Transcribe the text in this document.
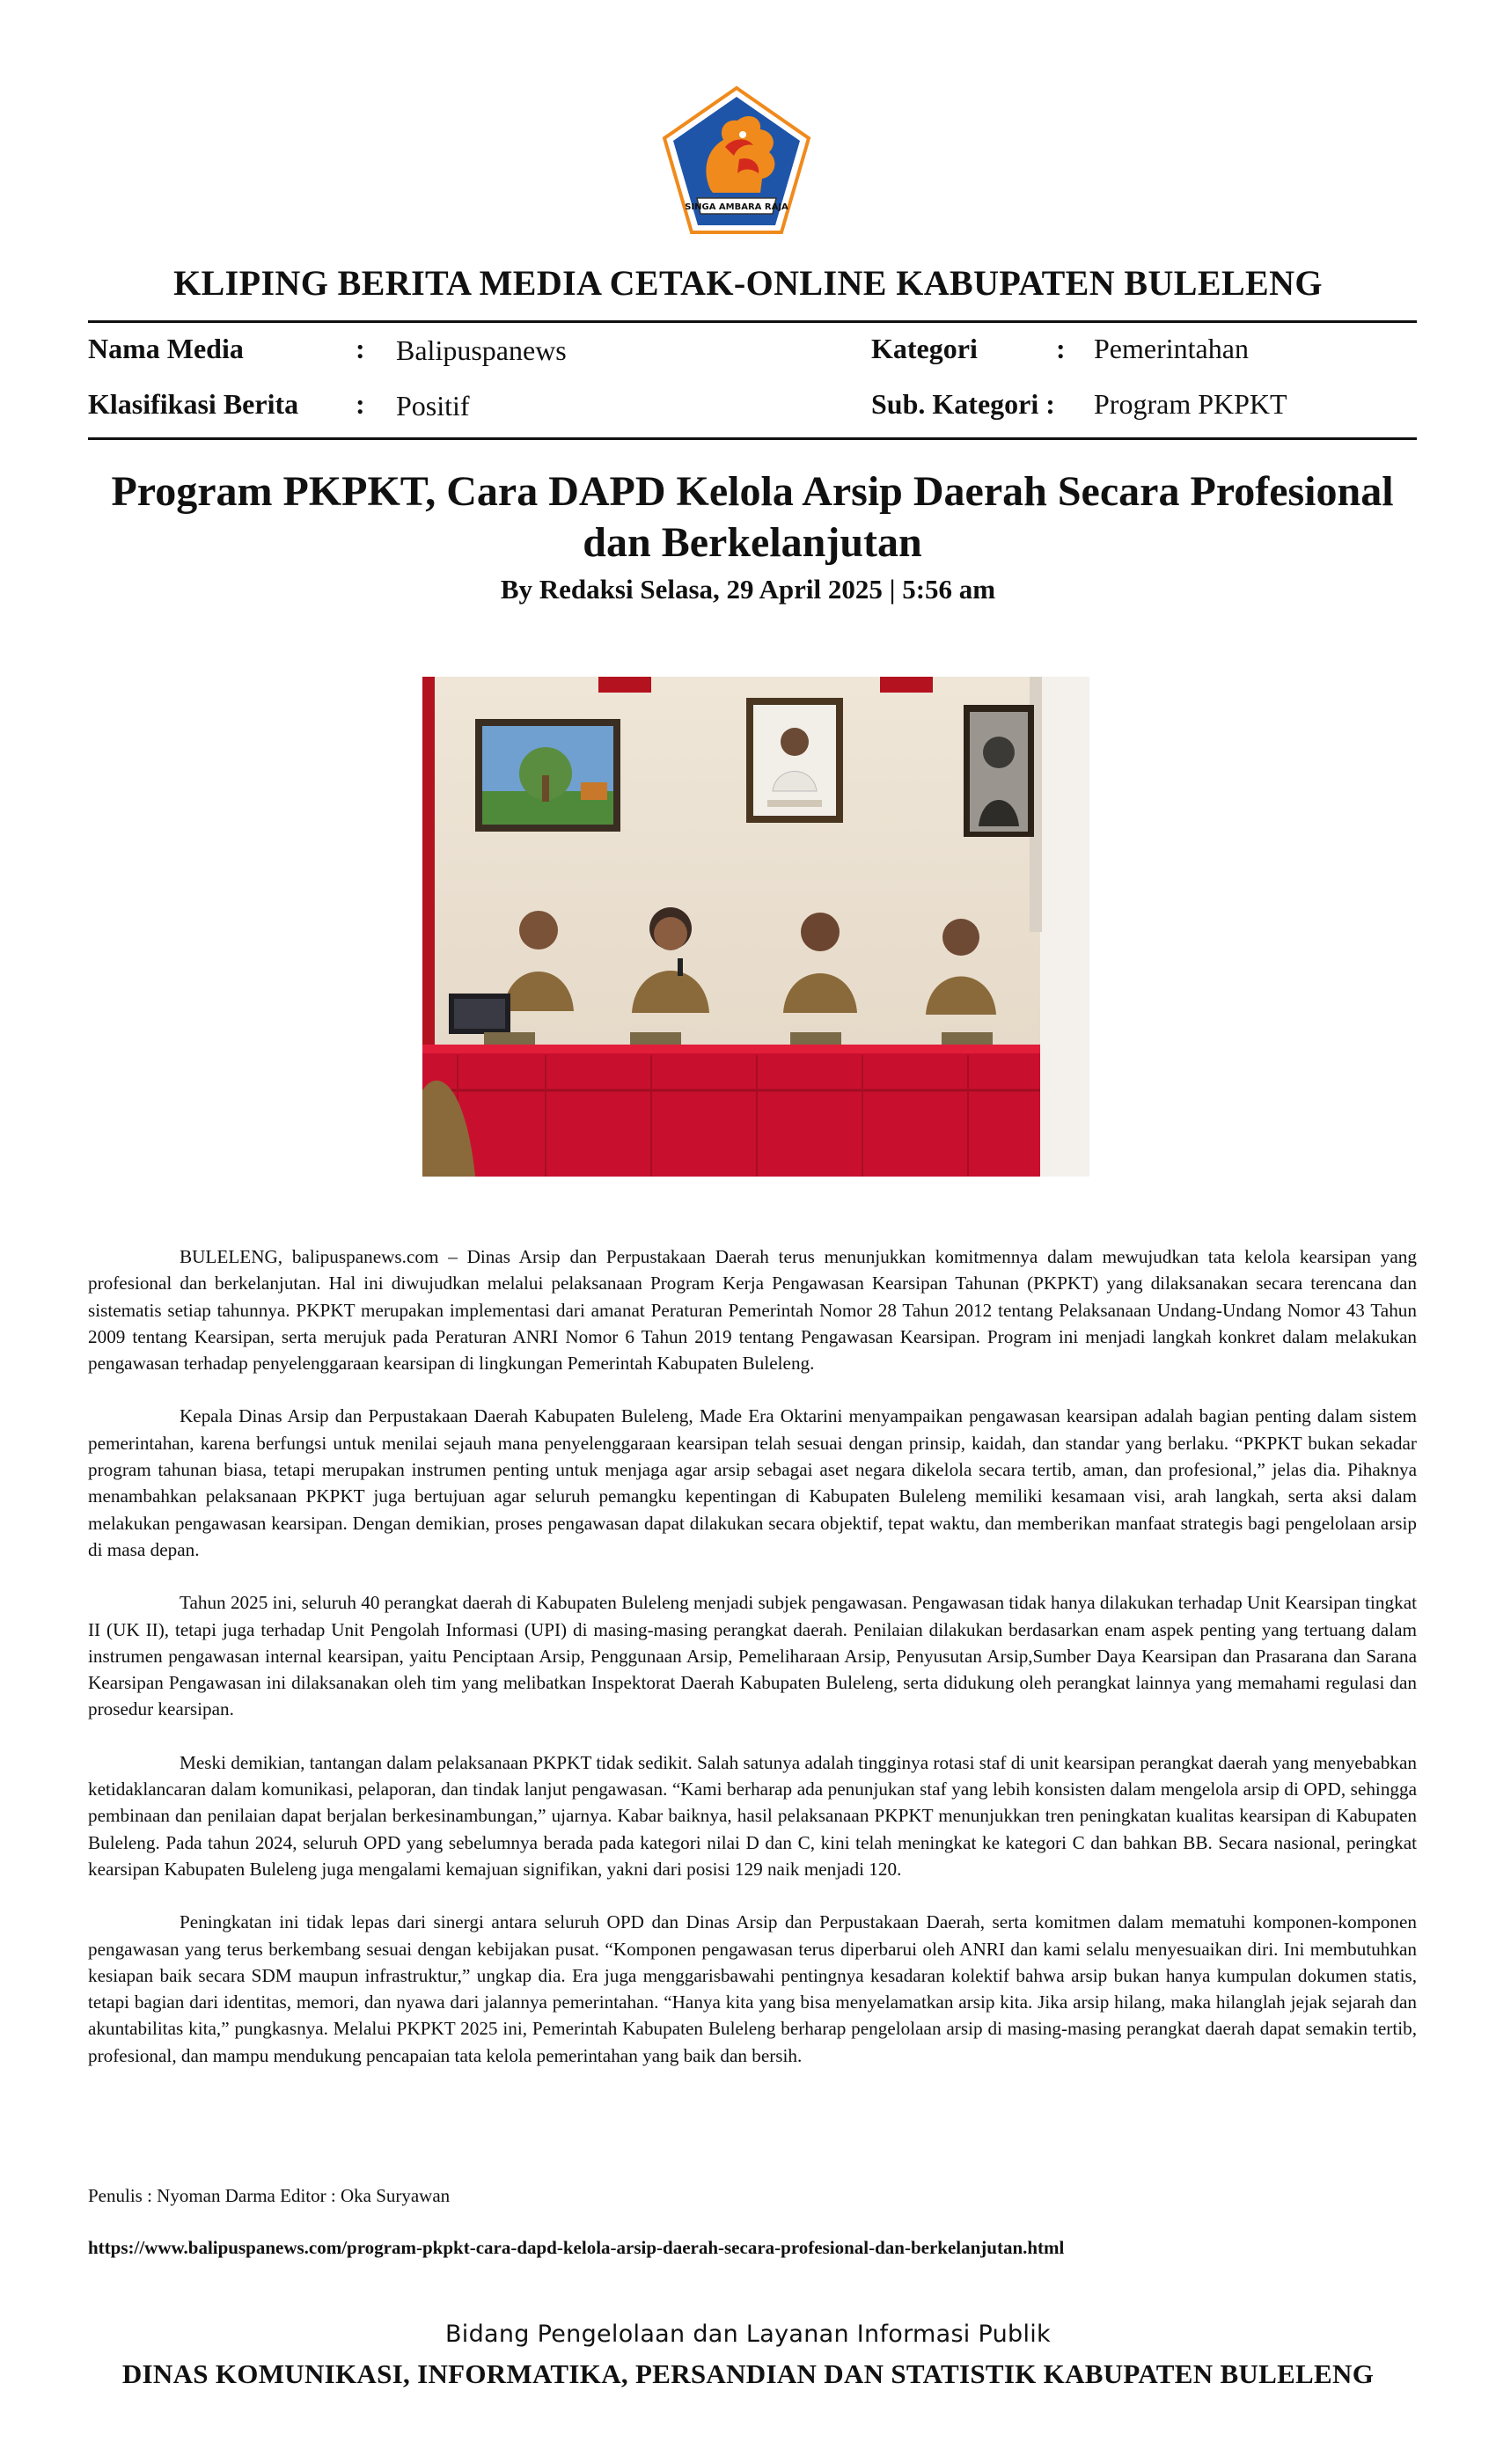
SINGA AMBARA RAJA
KLIPING BERITA MEDIA CETAK-ONLINE KABUPATEN BULELENG
Nama Media	: Balipuspanews	Kategori	: Pemerintahan
Klasifikasi Berita : Positif	Sub. Kategori : Program PKPKT
Program PKPKT, Cara DAPD Kelola Arsip Daerah Secara Profesional dan Berkelanjutan
By Redaksi Selasa, 29 April 2025 | 5:56 am

BULELENG, balipuspanews.com – Dinas Arsip dan Perpustakaan Daerah terus menunjukkan komitmennya dalam mewujudkan tata kelola kearsipan yang profesional dan berkelanjutan. Hal ini diwujudkan melalui pelaksanaan Program Kerja Pengawasan Kearsipan Tahunan (PKPKT) yang dilaksanakan secara terencana dan sistematis setiap tahunnya. PKPKT merupakan implementasi dari amanat Peraturan Pemerintah Nomor 28 Tahun 2012 tentang Pelaksanaan Undang-Undang Nomor 43 Tahun 2009 tentang Kearsipan, serta merujuk pada Peraturan ANRI Nomor 6 Tahun 2019 tentang Pengawasan Kearsipan. Program ini menjadi langkah konkret dalam melakukan pengawasan terhadap penyelenggaraan kearsipan di lingkungan Pemerintah Kabupaten Buleleng.

Kepala Dinas Arsip dan Perpustakaan Daerah Kabupaten Buleleng, Made Era Oktarini menyampaikan pengawasan kearsipan adalah bagian penting dalam sistem pemerintahan, karena berfungsi untuk menilai sejauh mana penyelenggaraan kearsipan telah sesuai dengan prinsip, kaidah, dan standar yang berlaku. “PKPKT bukan sekadar program tahunan biasa, tetapi merupakan instrumen penting untuk menjaga agar arsip sebagai aset negara dikelola secara tertib, aman, dan profesional,” jelas dia. Pihaknya menambahkan pelaksanaan PKPKT juga bertujuan agar seluruh pemangku kepentingan di Kabupaten Buleleng memiliki kesamaan visi, arah langkah, serta aksi dalam melakukan pengawasan kearsipan. Dengan demikian, proses pengawasan dapat dilakukan secara objektif, tepat waktu, dan memberikan manfaat strategis bagi pengelolaan arsip di masa depan.

Tahun 2025 ini, seluruh 40 perangkat daerah di Kabupaten Buleleng menjadi subjek pengawasan. Pengawasan tidak hanya dilakukan terhadap Unit Kearsipan tingkat II (UK II), tetapi juga terhadap Unit Pengolah Informasi (UPI) di masing-masing perangkat daerah. Penilaian dilakukan berdasarkan enam aspek penting yang tertuang dalam instrumen pengawasan internal kearsipan, yaitu Penciptaan Arsip, Penggunaan Arsip, Pemeliharaan Arsip, Penyusutan Arsip,Sumber Daya Kearsipan dan Prasarana dan Sarana Kearsipan Pengawasan ini dilaksanakan oleh tim yang melibatkan Inspektorat Daerah Kabupaten Buleleng, serta didukung oleh perangkat lainnya yang memahami regulasi dan prosedur kearsipan.

Meski demikian, tantangan dalam pelaksanaan PKPKT tidak sedikit. Salah satunya adalah tingginya rotasi staf di unit kearsipan perangkat daerah yang menyebabkan ketidaklancaran dalam komunikasi, pelaporan, dan tindak lanjut pengawasan. “Kami berharap ada penunjukan staf yang lebih konsisten dalam mengelola arsip di OPD, sehingga pembinaan dan penilaian dapat berjalan berkesinambungan,” ujarnya. Kabar baiknya, hasil pelaksanaan PKPKT menunjukkan tren peningkatan kualitas kearsipan di Kabupaten Buleleng. Pada tahun 2024, seluruh OPD yang sebelumnya berada pada kategori nilai D dan C, kini telah meningkat ke kategori C dan bahkan BB. Secara nasional, peringkat kearsipan Kabupaten Buleleng juga mengalami kemajuan signifikan, yakni dari posisi 129 naik menjadi 120.

Peningkatan ini tidak lepas dari sinergi antara seluruh OPD dan Dinas Arsip dan Perpustakaan Daerah, serta komitmen dalam mematuhi komponen-komponen pengawasan yang terus berkembang sesuai dengan kebijakan pusat. “Komponen pengawasan terus diperbarui oleh ANRI dan kami selalu menyesuaikan diri. Ini membutuhkan kesiapan baik secara SDM maupun infrastruktur,” ungkap dia. Era juga menggarisbawahi pentingnya kesadaran kolektif bahwa arsip bukan hanya kumpulan dokumen statis, tetapi bagian dari identitas, memori, dan nyawa dari jalannya pemerintahan. “Hanya kita yang bisa menyelamatkan arsip kita. Jika arsip hilang, maka hilanglah jejak sejarah dan akuntabilitas kita,” pungkasnya. Melalui PKPKT 2025 ini, Pemerintah Kabupaten Buleleng berharap pengelolaan arsip di masing-masing perangkat daerah dapat semakin tertib, profesional, dan mampu mendukung pencapaian tata kelola pemerintahan yang baik dan bersih.

Penulis : Nyoman Darma Editor : Oka Suryawan
https://www.balipuspanews.com/program-pkpkt-cara-dapd-kelola-arsip-daerah-secara-profesional-dan-berkelanjutan.html
Bidang Pengelolaan dan Layanan Informasi Publik
DINAS KOMUNIKASI, INFORMATIKA, PERSANDIAN DAN STATISTIK KABUPATEN BULELENG
